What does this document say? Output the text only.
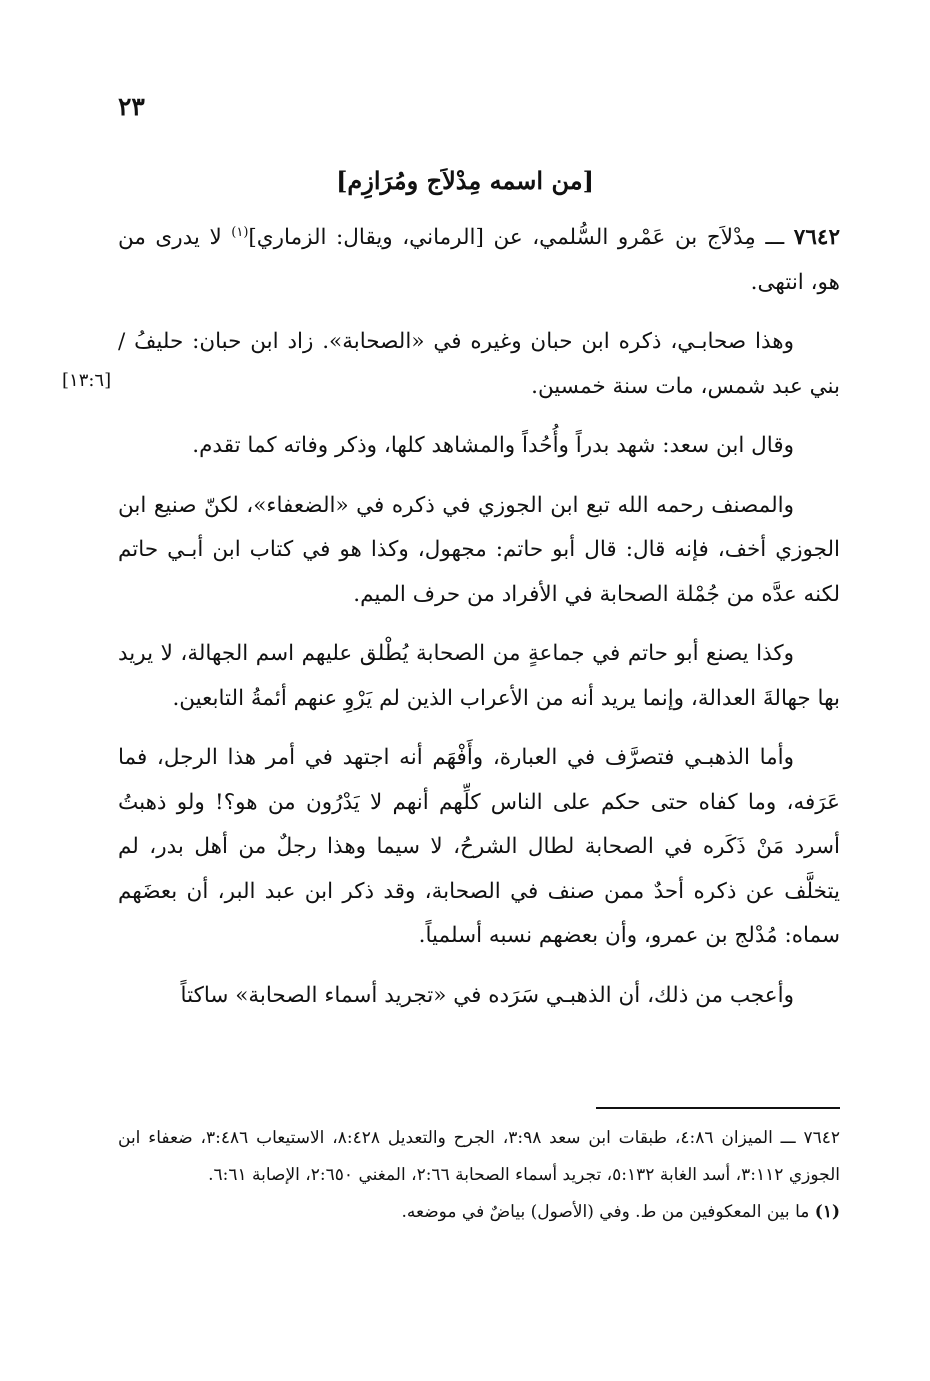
٢٣
[من اسمه مِدْلاَج ومُرَازِم]
[١٣:٦]

٧٦٤٢ ـــ مِدْلاَج بن عَمْرو السُّلمي، عن [الرماني، ويقال: الزماري]$^{(١)}$ لا يدرى من هو، انتهى.

وهذا صحابـي، ذكره ابن حبان وغيره في «الصحابة». زاد ابن حبان: حليفُ / بني عبد شمس، مات سنة خمسين.

وقال ابن سعد: شهد بدراً وأُحُداً والمشاهد كلها، وذكر وفاته كما تقدم.

والمصنف رحمه الله تبع ابن الجوزي في ذكره في «الضعفاء»، لكنّ صنيع ابن الجوزي أخف، فإنه قال: قال أبو حاتم: مجهول، وكذا هو في كتاب ابن أبـي حاتم لكنه عدَّه من جُمْلة الصحابة في الأفراد من حرف الميم.

وكذا يصنع أبو حاتم في جماعةٍ من الصحابة يُطْلق عليهم اسم الجهالة، لا يريد بها جهالةَ العدالة، وإنما يريد أنه من الأعراب الذين لم يَرْوِ عنهم أئمةُ التابعين.

وأما الذهبـي فتصرَّف في العبارة، وأَفْهَم أنه اجتهد في أمر هذا الرجل، فما عَرَفه، وما كفاه حتى حكم على الناس كلِّهم أنهم لا يَدْرُون من هو؟! ولو ذهبتُ أسرد مَنْ ذَكَره في الصحابة لطال الشرحُ، لا سيما وهذا رجلٌ من أهل بدر، لم يتخلَّف عن ذكره أحدٌ ممن صنف في الصحابة، وقد ذكر ابن عبد البر، أن بعضَهم سماه: مُدْلج بن عمرو، وأن بعضهم نسبه أسلمياً.

وأعجب من ذلك، أن الذهبـي سَرَده في «تجريد أسماء الصحابة» ساكتاً

٧٦٤٢ ـــ الميزان ٤:٨٦، طبقات ابن سعد ٣:٩٨، الجرح والتعديل ٨:٤٢٨، الاستيعاب ٣:٤٨٦، ضعفاء ابن الجوزي ٣:١١٢، أسد الغابة ٥:١٣٢، تجريد أسماء الصحابة ٢:٦٦، المغني ٢:٦٥٠، الإصابة ٦:٦١.

(١) ما بين المعكوفين من ط. وفي (الأصول) بياضٌ في موضعه.
